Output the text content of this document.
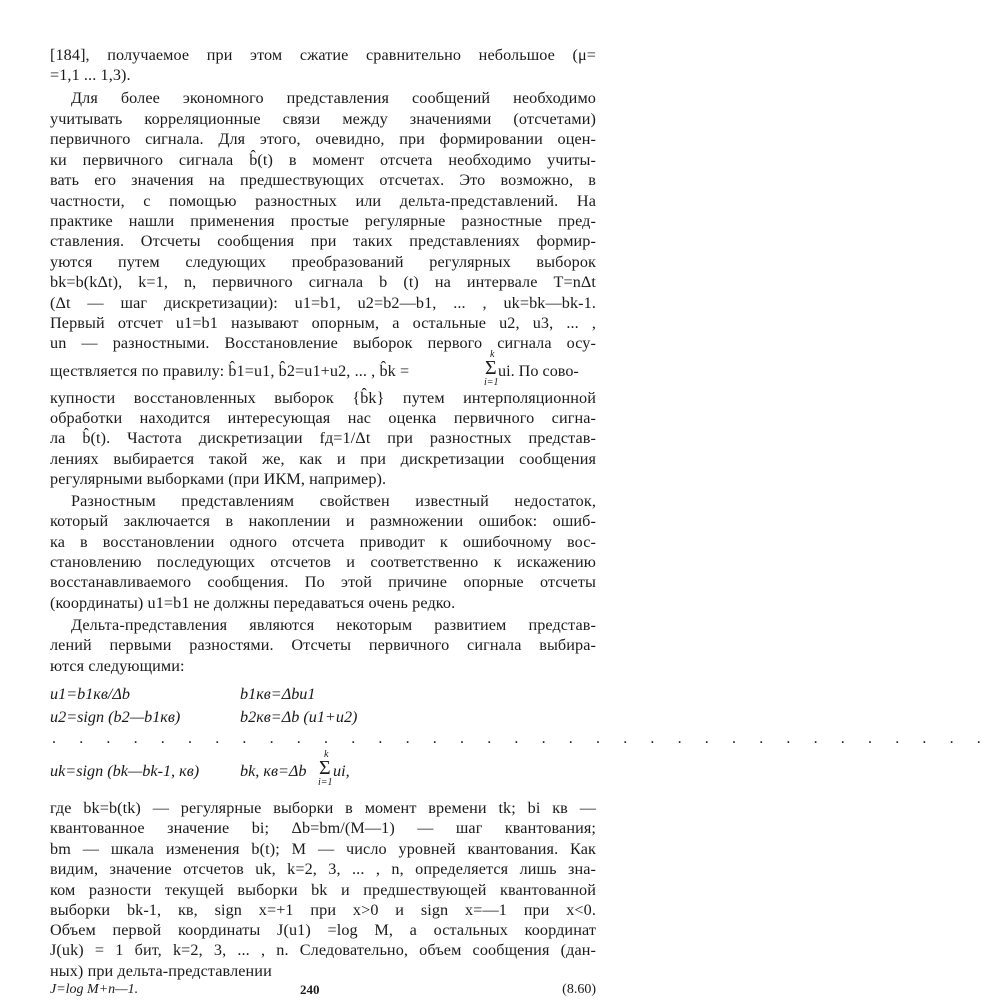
[184], получаемое при этом сжатие сравнительно небольшое (μ=
=1,1 ... 1,3).
Для более экономного представления сообщений необходимо
учитывать корреляционные связи между значениями (отсчетами)
первичного сигнала. Для этого, очевидно, при формировании оцен-
ки первичного сигнала b̂(t) в момент отсчета необходимо учиты-
вать его значения на предшествующих отсчетах. Это возможно, в
частности, с помощью разностных или дельта-представлений. На
практике нашли применения простые регулярные разностные пред-
ставления. Отсчеты сообщения при таких представлениях формир-
уются путем следующих преобразований регулярных выборок
bk=b(kΔt), k=1, n, первичного сигнала b (t) на интервале T=nΔt
(Δt — шаг дискретизации): u1=b1, u2=b2—b1, ... , uk=bk—bk-1.
Первый отсчет u1=b1 называют опорным, а остальные u2, u3, ... ,
un — разностными. Восстановление выборок первого сигнала осу-
ществляется по правилу: b̂1=u1, b̂2=u1+u2, ... , b̂k =
k
Σ
i=1
ui. По сово-
купности восстановленных выборок {b̂k} путем интерполяционной
обработки находится интересующая нас оценка первичного сигна-
ла b̂(t). Частота дискретизации fд=1/Δt при разностных представ-
лениях выбирается такой же, как и при дискретизации сообщения
регулярными выборками (при ИКМ, например).
Разностным представлениям свойствен известный недостаток,
который заключается в накоплении и размножении ошибок: ошиб-
ка в восстановлении одного отсчета приводит к ошибочному вос-
становлению последующих отсчетов и соответственно к искажению
восстанавливаемого сообщения. По этой причине опорные отсчеты
(координаты) u1=b1 не должны передаваться очень редко.
Дельта-представления являются некоторым развитием представ-
лений первыми разностями. Отсчеты первичного сигнала выбира-
ются следующими:
u1=b1кв/Δb	b1кв=Δbu1
u2=sign (b2—b1кв)	b2кв=Δb (u1+u2)
. . . . . . . . . . . . . . . . . . . . . . . . . . . . . . . . . . .
uk=sign (bk—bk-1, кв)	bk, кв=Δb
k
Σ
i=1
ui,
где bk=b(tk) — регулярные выборки в момент времени tk; bi кв —
квантованное значение bi; Δb=bm/(M—1) — шаг квантования;
bm — шкала изменения b(t); M — число уровней квантования. Как
видим, значение отсчетов uk, k=2, 3, ... , n, определяется лишь зна-
ком разности текущей выборки bk и предшествующей квантованной
выборки bk-1, кв, sign x=+1 при x>0 и sign x=—1 при x<0.
Объем первой координаты J(u1) =log M, а остальных координат
J(uk) = 1 бит, k=2, 3, ... , n. Следовательно, объем сообщения (дан-
ных) при дельта-представлении
J=log M+n—1.	(8.60)
240
